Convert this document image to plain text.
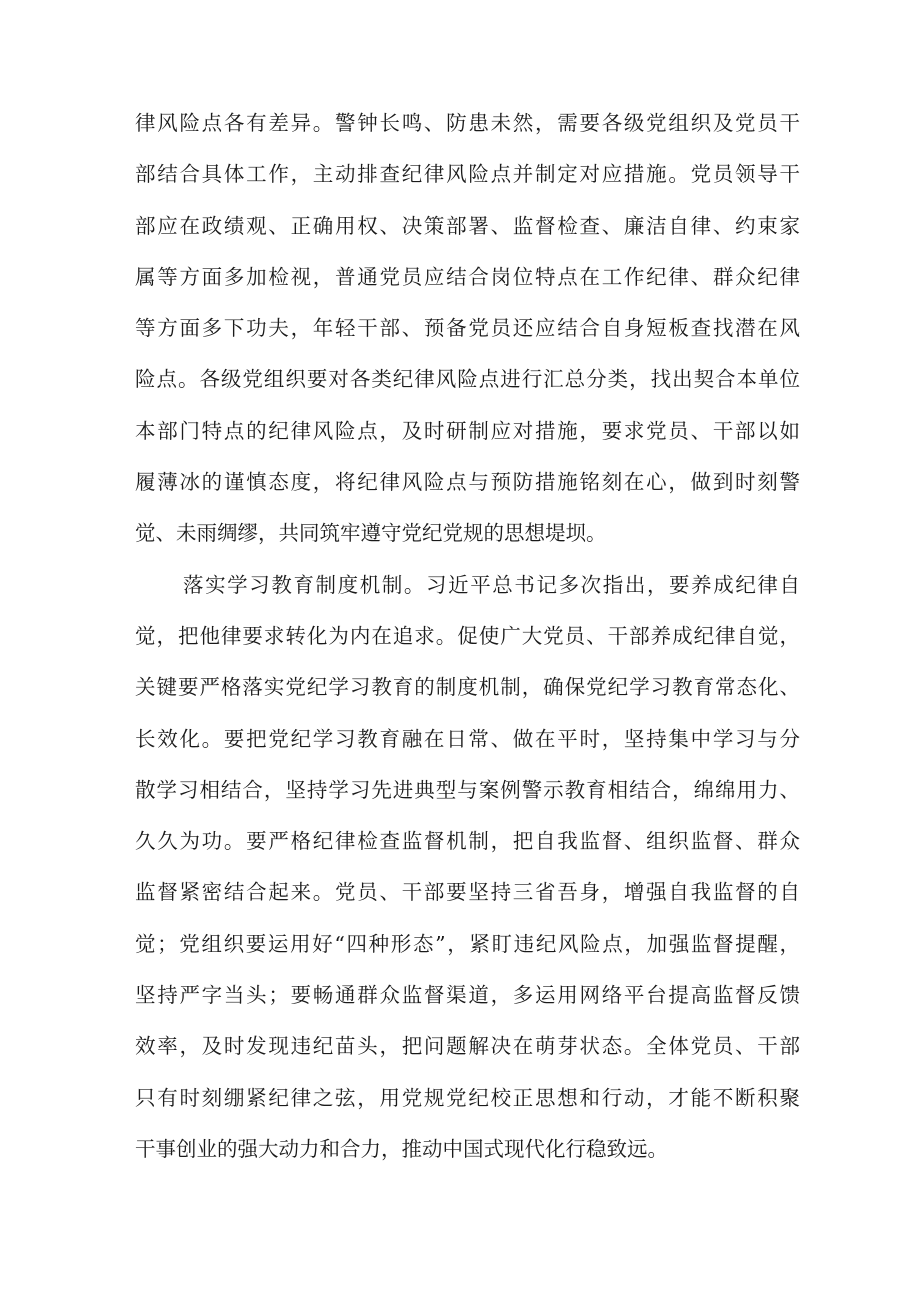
律风险点各有差异。警钟长鸣、防患未然，需要各级党组织及党员干
部结合具体工作，主动排查纪律风险点并制定对应措施。党员领导干
部应在政绩观、正确用权、决策部署、监督检查、廉洁自律、约束家
属等方面多加检视，普通党员应结合岗位特点在工作纪律、群众纪律
等方面多下功夫，年轻干部、预备党员还应结合自身短板查找潜在风
险点。各级党组织要对各类纪律风险点进行汇总分类，找出契合本单位
本部门特点的纪律风险点，及时研制应对措施，要求党员、干部以如
履薄冰的谨慎态度，将纪律风险点与预防措施铭刻在心，做到时刻警
觉、未雨绸缪，共同筑牢遵守党纪党规的思想堤坝。
落实学习教育制度机制。习近平总书记多次指出，要养成纪律自
觉，把他律要求转化为内在追求。促使广大党员、干部养成纪律自觉，
关键要严格落实党纪学习教育的制度机制，确保党纪学习教育常态化、
长效化。要把党纪学习教育融在日常、做在平时，坚持集中学习与分
散学习相结合，坚持学习先进典型与案例警示教育相结合，绵绵用力、
久久为功。要严格纪律检查监督机制，把自我监督、组织监督、群众
监督紧密结合起来。党员、干部要坚持三省吾身，增强自我监督的自
觉；党组织要运用好“四种形态”，紧盯违纪风险点，加强监督提醒，
坚持严字当头；要畅通群众监督渠道，多运用网络平台提高监督反馈
效率，及时发现违纪苗头，把问题解决在萌芽状态。全体党员、干部
只有时刻绷紧纪律之弦，用党规党纪校正思想和行动，才能不断积聚
干事创业的强大动力和合力，推动中国式现代化行稳致远。
